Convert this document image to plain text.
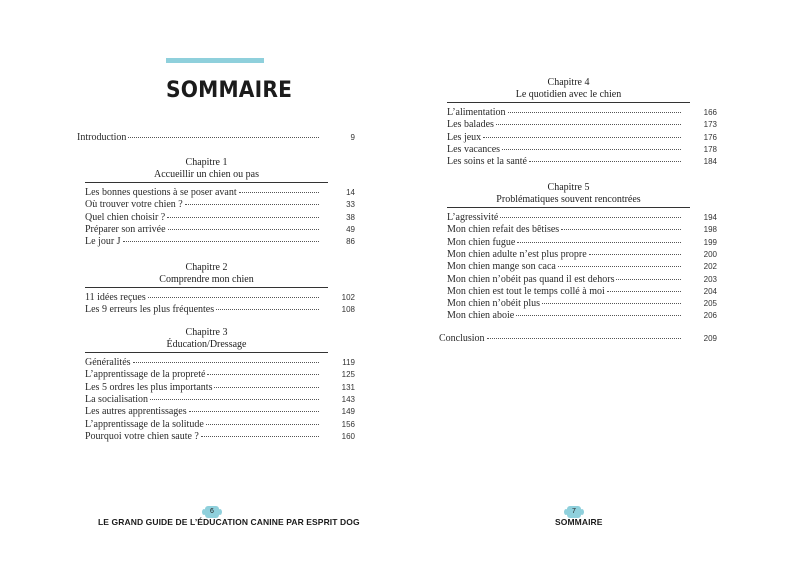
SOMMAIRE
Introduction	9
Chapitre 1
Accueillir un chien ou pas
Les bonnes questions à se poser avant	14
Où trouver votre chien ?	33
Quel chien choisir ?	38
Préparer son arrivée	49
Le jour J	86
Chapitre 2
Comprendre mon chien
11 idées reçues	102
Les 9 erreurs les plus fréquentes	108
Chapitre 3
Éducation/Dressage
Généralités	119
L’apprentissage de la propreté	125
Les 5 ordres les plus importants	131
La socialisation	143
Les autres apprentissages	149
L’apprentissage de la solitude	156
Pourquoi votre chien saute ?	160
6
LE GRAND GUIDE DE L’ÉDUCATION CANINE PAR ESPRIT DOG
Chapitre 4
Le quotidien avec le chien
L’alimentation	166
Les balades	173
Les jeux	176
Les vacances	178
Les soins et la santé	184
Chapitre 5
Problématiques souvent rencontrées
L’agressivité	194
Mon chien refait des bêtises	198
Mon chien fugue	199
Mon chien adulte n’est plus propre	200
Mon chien mange son caca	202
Mon chien n’obéit pas quand il est dehors	203
Mon chien est tout le temps collé à moi	204
Mon chien n’obéit plus	205
Mon chien aboie	206
Conclusion	209
7
SOMMAIRE
